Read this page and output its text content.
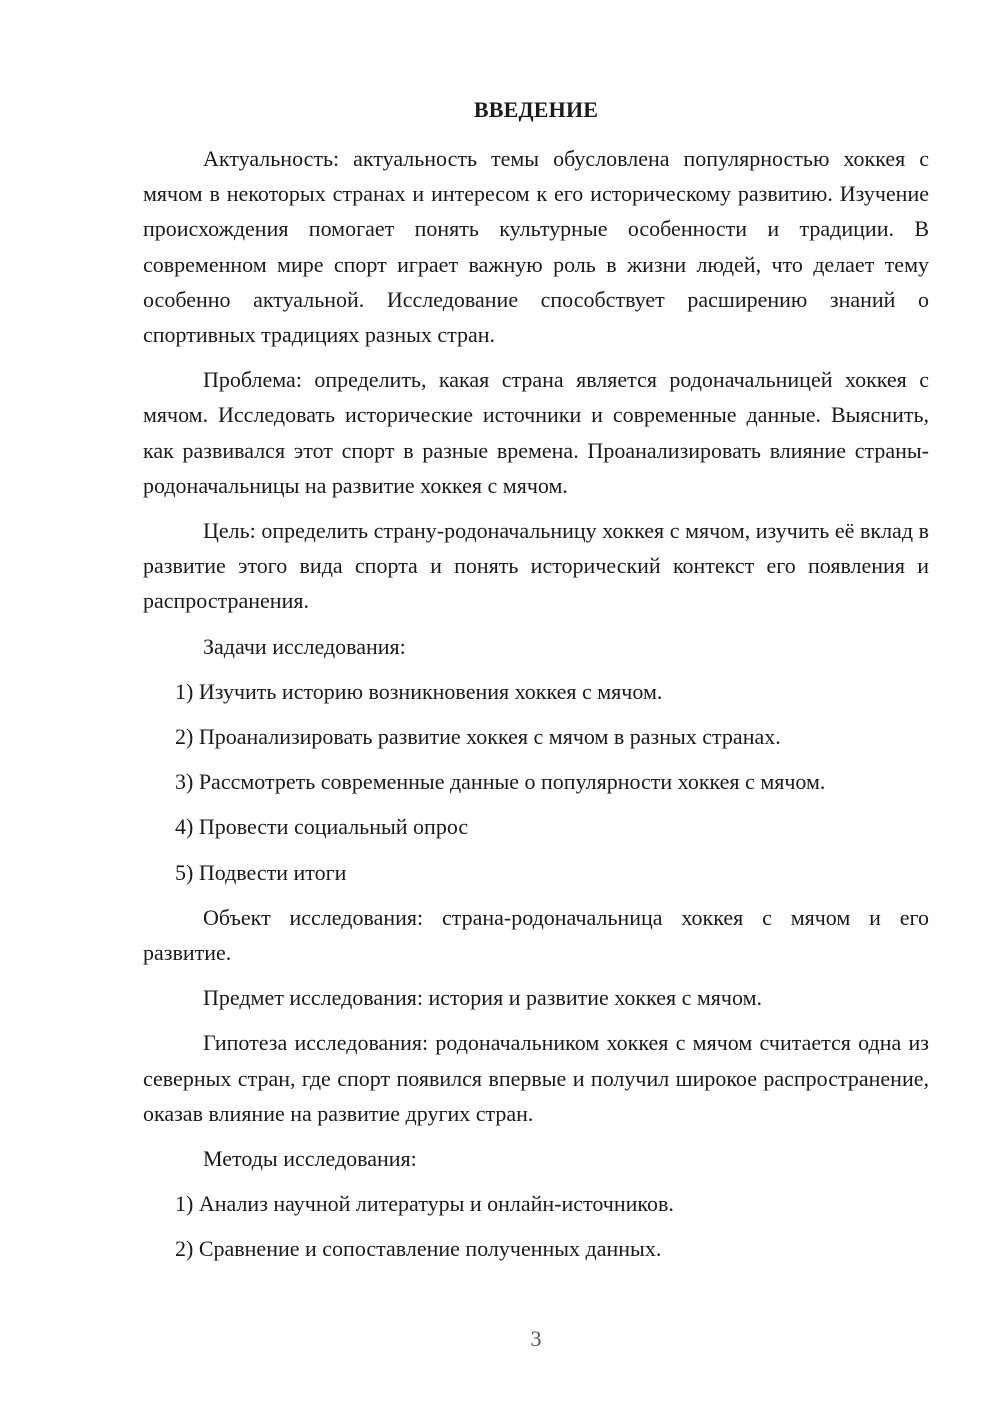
ВВЕДЕНИЕ

Актуальность: актуальность темы обусловлена популярностью хоккея с мячом в некоторых странах и интересом к его историческому развитию. Изучение происхождения помогает понять культурные особенности и традиции. В современном мире спорт играет важную роль в жизни людей, что делает тему особенно актуальной. Исследование способствует расширению знаний о спортивных традициях разных стран.

Проблема: определить, какая страна является родоначальницей хоккея с мячом. Исследовать исторические источники и современные данные. Выяснить, как развивался этот спорт в разные времена. Проанализировать влияние страны-родоначальницы на развитие хоккея с мячом.

Цель: определить страну-родоначальницу хоккея с мячом, изучить её вклад в развитие этого вида спорта и понять исторический контекст его появления и распространения.

Задачи исследования:

1) Изучить историю возникновения хоккея с мячом.
2) Проанализировать развитие хоккея с мячом в разных странах.
3) Рассмотреть современные данные о популярности хоккея с мячом.
4) Провести социальный опрос
5) Подвести итоги

Объект исследования: страна-родоначальница хоккея с мячом и его развитие.

Предмет исследования: история и развитие хоккея с мячом.

Гипотеза исследования: родоначальником хоккея с мячом считается одна из северных стран, где спорт появился впервые и получил широкое распространение, оказав влияние на развитие других стран.

Методы исследования:

1) Анализ научной литературы и онлайн-источников.
2) Сравнение и сопоставление полученных данных.
3
